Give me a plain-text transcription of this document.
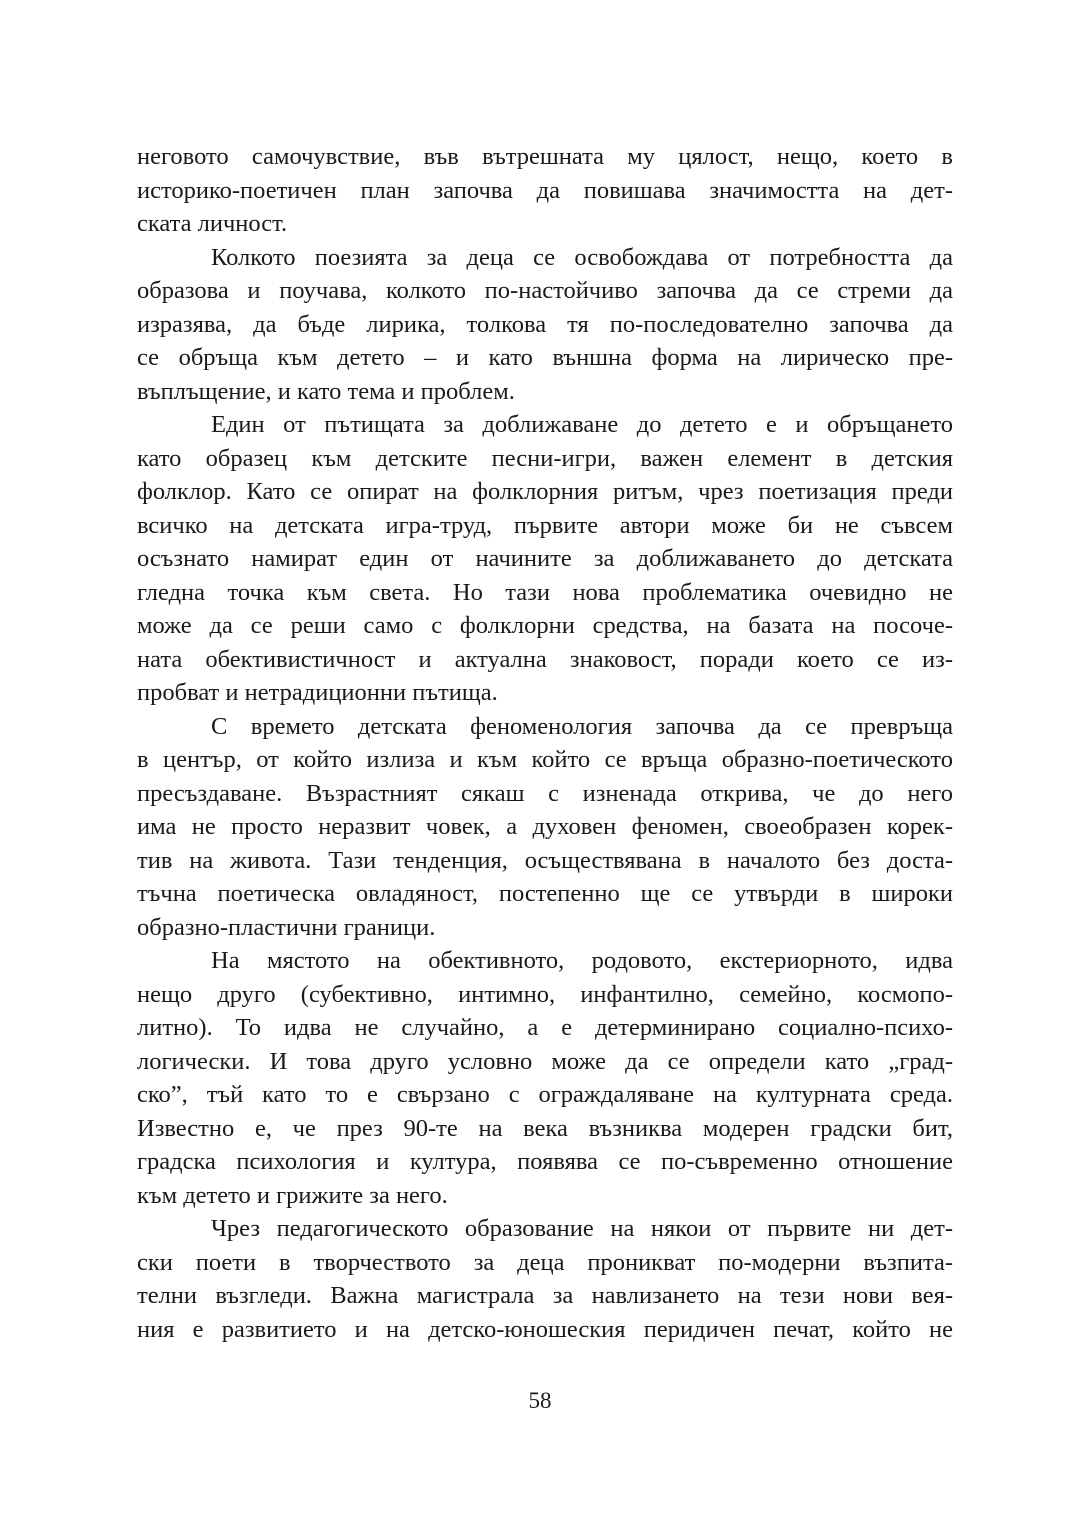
неговото самочувствие, във вътрешната му цялост, нещо, което в
историко-поетичен план започва да повишава значимостта на дет-
ската личност.
Колкото поезията за деца се освобождава от потребността да
образова и поучава, колкото по-настойчиво започва да се стреми да
изразява, да бъде лирика, толкова тя по-последователно започва да
се обръща към детето – и като външна форма на лирическо пре-
въплъщение, и като тема и проблем.
Един от пътищата за доближаване до детето е и обръщането
като образец към детските песни-игри, важен елемент в детския
фолклор. Като се опират на фолклорния ритъм, чрез поетизация преди
всичко на детската игра-труд, първите автори може би не съвсем
осъзнато намират един от начините за доближаването до детската
гледна точка към света. Но тази нова проблематика очевидно не
може да се реши само с фолклорни средства, на базата на посоче-
ната обективистичност и актуална знаковост, поради което се из-
пробват и нетрадиционни пътища.
С времето детската феноменология започва да се превръща
в център, от който излиза и към който се връща образно-поетическото
пресъздаване. Възрастният сякаш с изненада открива, че до него
има не просто неразвит човек, а духовен феномен, своеобразен корек-
тив на живота. Тази тенденция, осъществявана в началото без доста-
тъчна поетическа овладяност, постепенно ще се утвърди в широки
образно-пластични граници.
На мястото на обективното, родовото, екстериорното, идва
нещо друго (субективно, интимно, инфантилно, семейно, космопо-
литно). То идва не случайно, а е детерминирано социално-психо-
логически. И това друго условно може да се определи като „град-
ско”, тъй като то е свързано с ограждаляване на културната среда.
Известно е, че през 90-те на века възниква модерен градски бит,
градска психология и култура, появява се по-съвременно отношение
към детето и грижите за него.
Чрез педагогическото образование на някои от първите ни дет-
ски поети в творчеството за деца проникват по-модерни възпита-
телни възгледи. Важна магистрала за навлизането на тези нови вея-
ния е развитието и на детско-юношеския перидичен печат, който не
58
